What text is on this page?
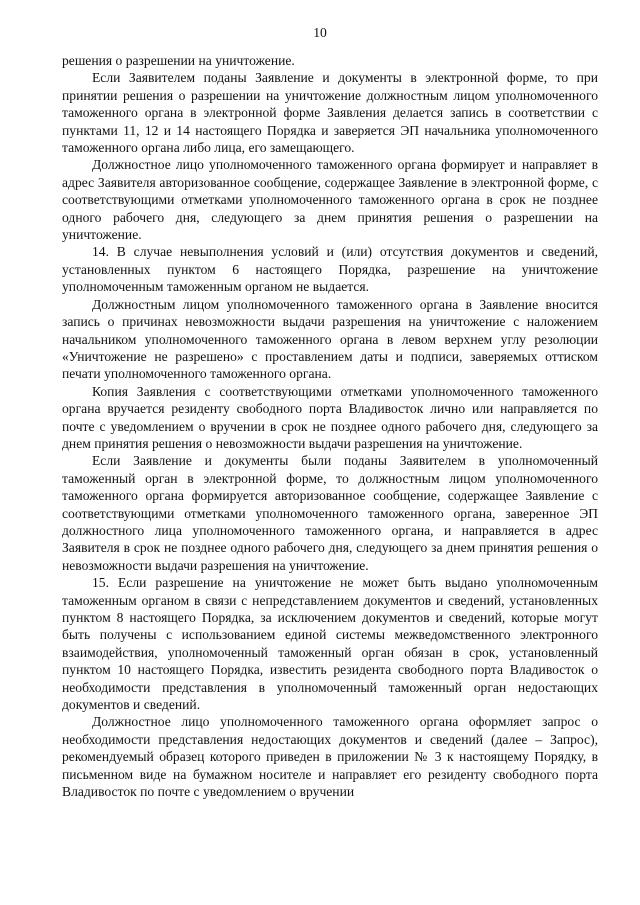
10

решения о разрешении на уничтожение.

Если Заявителем поданы Заявление и документы в электронной форме, то при принятии решения о разрешении на уничтожение должностным лицом уполномоченного таможенного органа в электронной форме Заявления делается запись в соответствии с пунктами 11, 12 и 14 настоящего Порядка и заверяется ЭП начальника уполномоченного таможенного органа либо лица, его замещающего.

Должностное лицо уполномоченного таможенного органа формирует и направляет в адрес Заявителя авторизованное сообщение, содержащее Заявление в электронной форме, с соответствующими отметками уполномоченного таможенного органа в срок не позднее одного рабочего дня, следующего за днем принятия решения о разрешении на уничтожение.

14. В случае невыполнения условий и (или) отсутствия документов и сведений, установленных пунктом 6 настоящего Порядка, разрешение на уничтожение уполномоченным таможенным органом не выдается.

Должностным лицом уполномоченного таможенного органа в Заявление вносится запись о причинах невозможности выдачи разрешения на уничтожение с наложением начальником уполномоченного таможенного органа в левом верхнем углу резолюции «Уничтожение не разрешено» с проставлением даты и подписи, заверяемых оттиском печати уполномоченного таможенного органа.

Копия Заявления с соответствующими отметками уполномоченного таможенного органа вручается резиденту свободного порта Владивосток лично или направляется по почте с уведомлением о вручении в срок не позднее одного рабочего дня, следующего за днем принятия решения о невозможности выдачи разрешения на уничтожение.

Если Заявление и документы были поданы Заявителем в уполномоченный таможенный орган в электронной форме, то должностным лицом уполномоченного таможенного органа формируется авторизованное сообщение, содержащее Заявление с соответствующими отметками уполномоченного таможенного органа, заверенное ЭП должностного лица уполномоченного таможенного органа, и направляется в адрес Заявителя в срок не позднее одного рабочего дня, следующего за днем принятия решения о невозможности выдачи разрешения на уничтожение.

15. Если разрешение на уничтожение не может быть выдано уполномоченным таможенным органом в связи с непредставлением документов и сведений, установленных пунктом 8 настоящего Порядка, за исключением документов и сведений, которые могут быть получены с использованием единой системы межведомственного электронного взаимодействия, уполномоченный таможенный орган обязан в срок, установленный пунктом 10 настоящего Порядка, известить резидента свободного порта Владивосток о необходимости представления в уполномоченный таможенный орган недостающих документов и сведений.

Должностное лицо уполномоченного таможенного органа оформляет запрос о необходимости представления недостающих документов и сведений (далее – Запрос), рекомендуемый образец которого приведен в приложении № 3 к настоящему Порядку, в письменном виде на бумажном носителе и направляет его резиденту свободного порта Владивосток по почте с уведомлением о вручении
